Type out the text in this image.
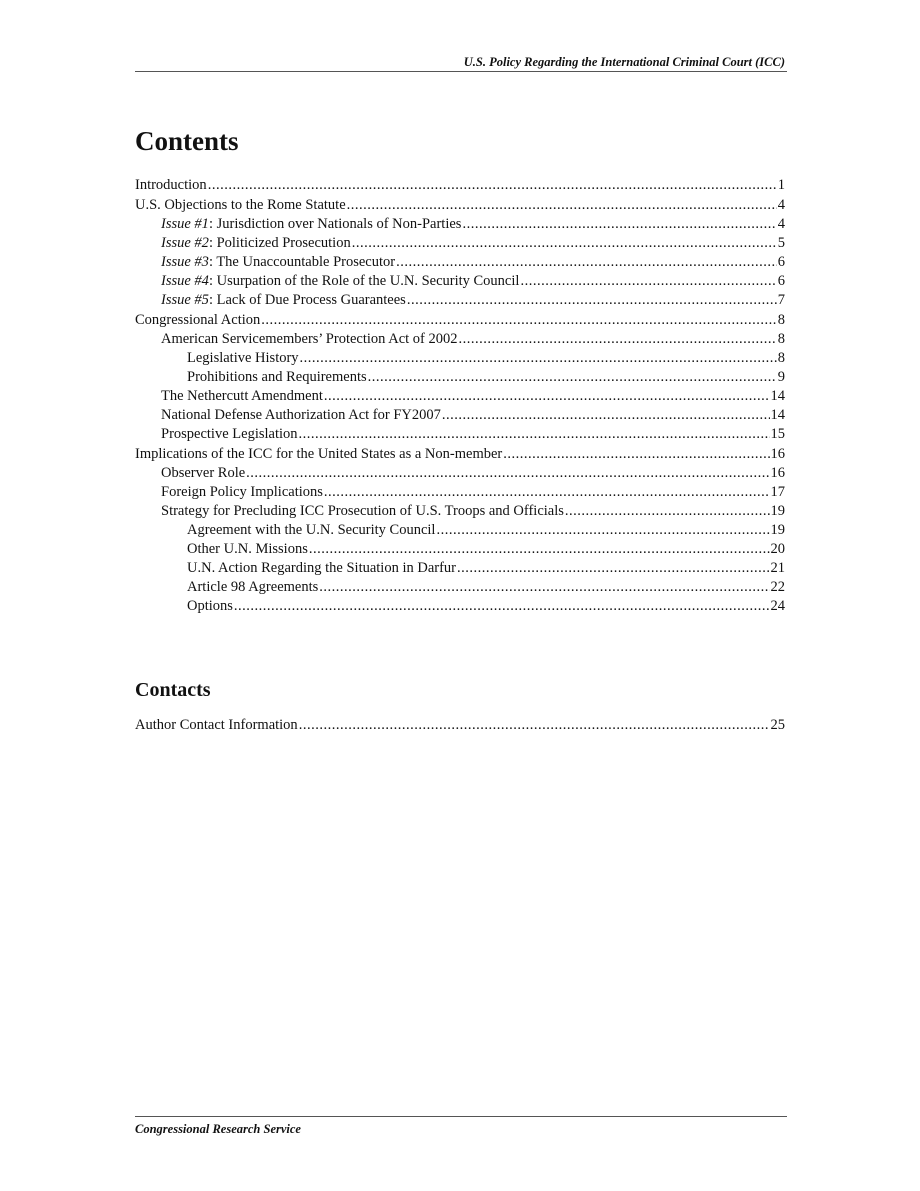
U.S. Policy Regarding the International Criminal Court (ICC)
Contents
Introduction .....	1
U.S. Objections to the Rome Statute .....	4
Issue #1: Jurisdiction over Nationals of Non-Parties .....	4
Issue #2: Politicized Prosecution .....	5
Issue #3: The Unaccountable Prosecutor .....	6
Issue #4: Usurpation of the Role of the U.N. Security Council .....	6
Issue #5: Lack of Due Process Guarantees .....	7
Congressional Action .....	8
American Servicemembers’ Protection Act of 2002 .....	8
Legislative History .....	8
Prohibitions and Requirements .....	9
The Nethercutt Amendment .....	14
National Defense Authorization Act for FY2007 .....	14
Prospective Legislation .....	15
Implications of the ICC for the United States as a Non-member .....	16
Observer Role .....	16
Foreign Policy Implications .....	17
Strategy for Precluding ICC Prosecution of U.S. Troops and Officials .....	19
Agreement with the U.N. Security Council .....	19
Other U.N. Missions .....	20
U.N. Action Regarding the Situation in Darfur .....	21
Article 98 Agreements .....	22
Options .....	24
Contacts
Author Contact Information .....	25
Congressional Research Service
